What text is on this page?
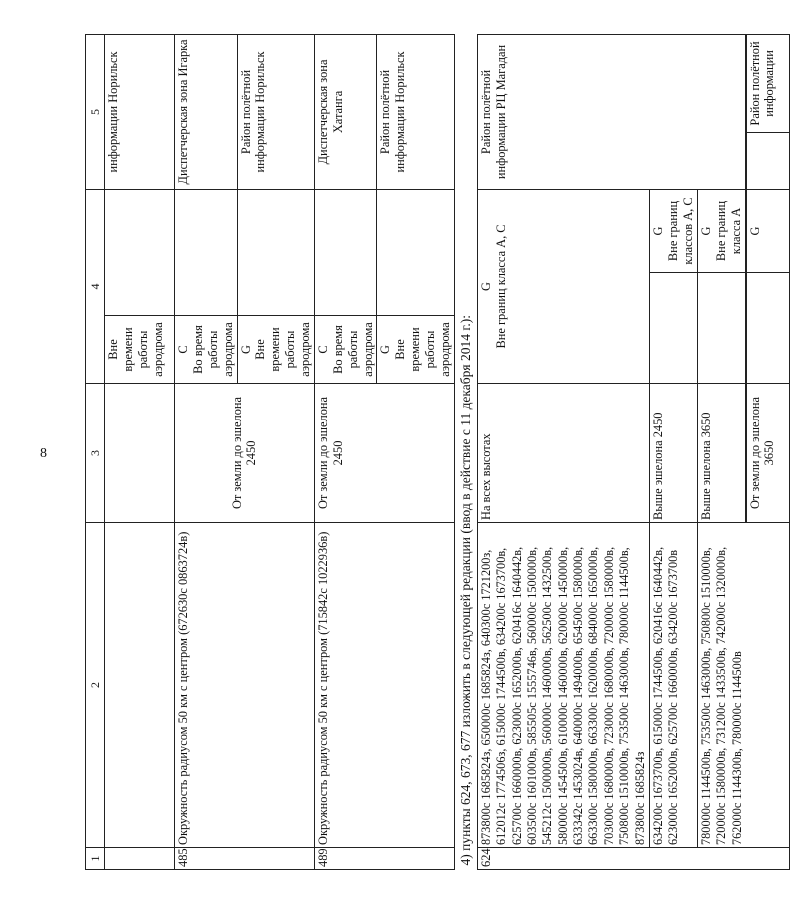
8
1	2	3	4			5	
			Вне времени работы аэродрома			информации Норильск	
485	Окружность радиусом 50 км с центром (672630с 0863724в)	От земли до эшелона 2450	С Во время работы аэродрома			Диспетчерская зона Игарка	

			G Вне времени работы аэродрома			Район полётной информации Норильск	
489	Окружность радиусом 50 км с центром (715842с 1022936в)	От земли до эшелона 2450	С Во время работы аэродрома			Диспетчерская зона Хатанга	

			G Вне времени работы аэродрома			Район полётной информации Норильск	
4) пункты 624, 673, 677 изложить в следующей редакции (ввод в действие с 11 декабря 2014 г.):							
624	873800с 1685824з, 650000с 1685824з, 640300с 1721200з, 612012с 1774506з, 615000с 1744500в, 634200с 1673700в, 625700с 1660000в, 623000с 1652000в, 620416с 1640442в, 603500с 1601000в, 585505с 1555746в, 560000с 1500000в, 545212с 1500000в, 560000с 1460000в, 562500с 1432500в, 580000с 1454500в, 610000с 1460000в, 620000с 1450000в, 633342с 1453024в, 640000с 1494000в, 654500с 1580000в, 663300с 1580000в, 663300с 1620000в, 684000с 1650000в, 703000с 1680000в, 723000с 1680000в, 720000с 1580000в, 750800с 1510000в, 753500с 1463000в, 780000с 1144500в, 873800с 1685824з	На всех высотах	G Вне границ класса А, С			Район полётной информации РЦ Магадан	
	634200с 1673700в, 615000с 1744500в, 620416с 1640442в, 623000с 1652000в, 625700с 1660000в, 634200с 1673700в	Выше эшелона 2450			G Вне границ классов А, С		

	780000с 1144500в, 753500с 1463000в, 750800с 1510000в, 720000с 1580000в, 731200с 1433500в, 742000с 1320000в, 762000с 1144300в, 780000с 1144500в	Выше эшелона 3650			G Вне границ класса А		

		От земли до эшелона 3650			G		Район полётной информации
